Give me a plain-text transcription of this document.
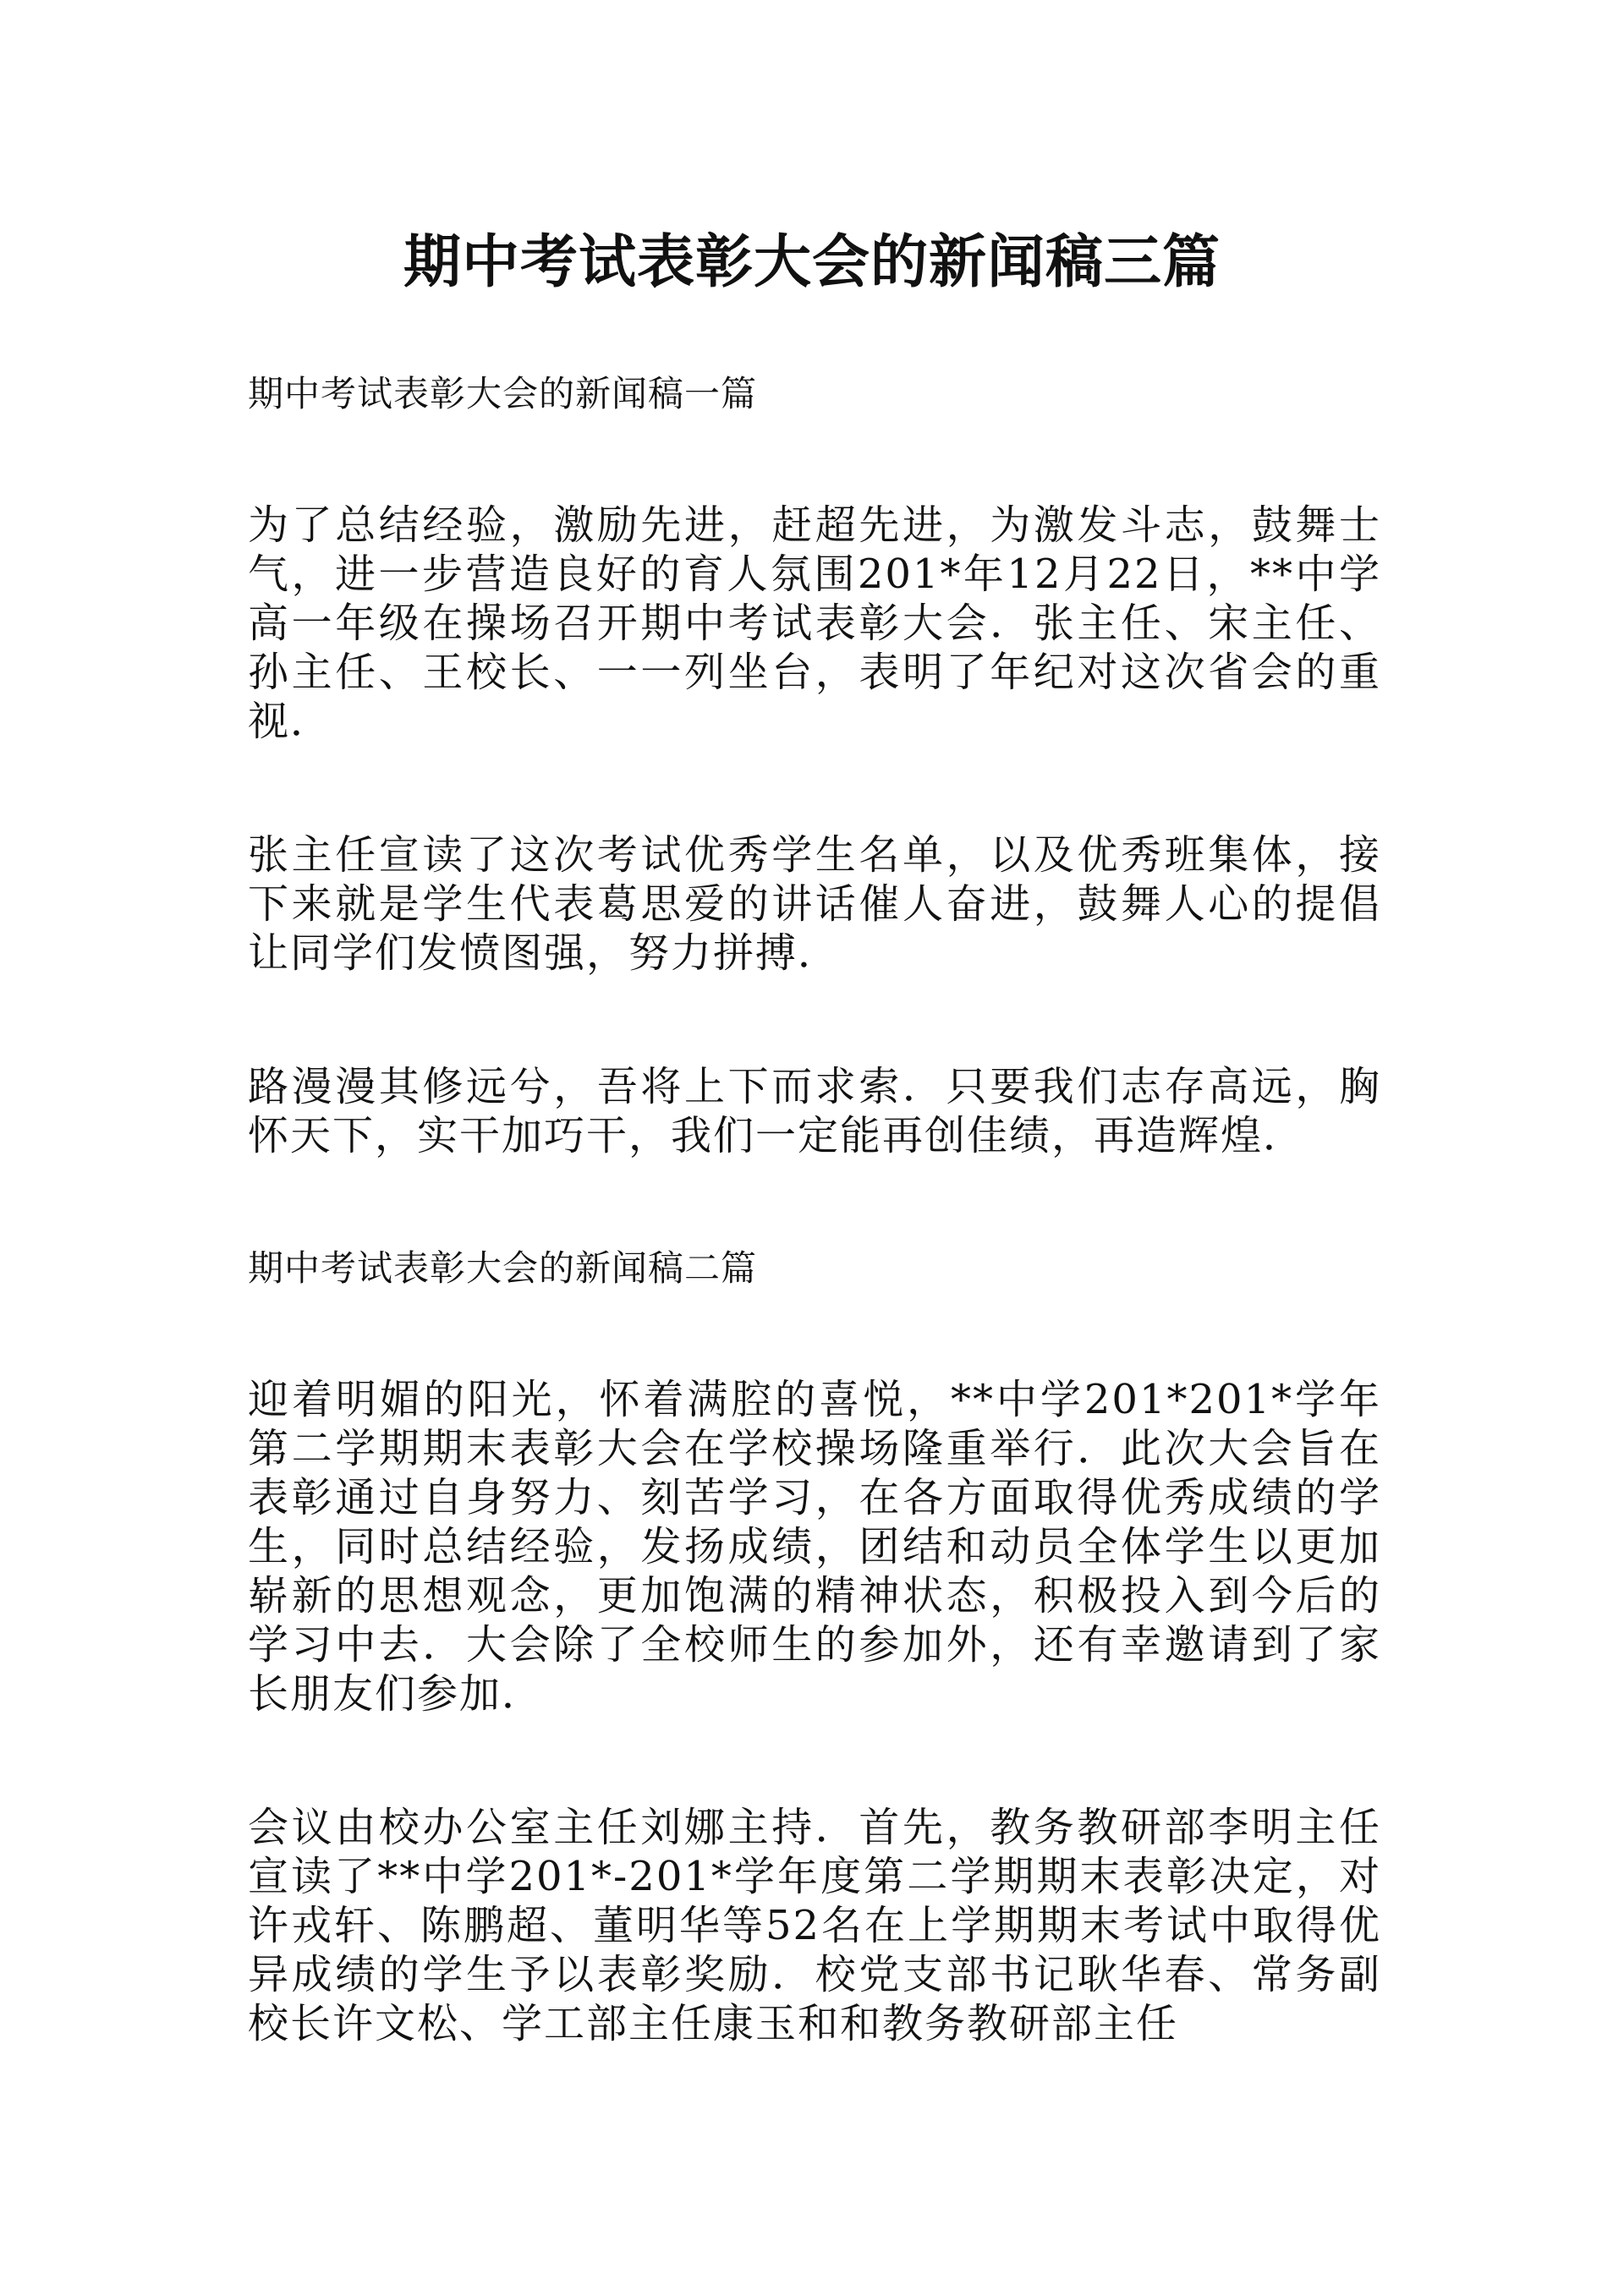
期中考试表彰大会的新闻稿三篇
期中考试表彰大会的新闻稿一篇

为了总结经验，激励先进，赶超先进，为激发斗志，鼓舞士气，进一步营造良好的育人氛围201*年12月22日，**中学高一年级在操场召开期中考试表彰大会．张主任、宋主任、孙主任、王校长、一一列坐台，表明了年纪对这次省会的重视．

张主任宣读了这次考试优秀学生名单，以及优秀班集体，接下来就是学生代表葛思爱的讲话催人奋进，鼓舞人心的提倡让同学们发愤图强，努力拼搏．

路漫漫其修远兮，吾将上下而求索．只要我们志存高远，胸怀天下，实干加巧干，我们一定能再创佳绩，再造辉煌．

期中考试表彰大会的新闻稿二篇

迎着明媚的阳光，怀着满腔的喜悦，**中学201*201*学年第二学期期末表彰大会在学校操场隆重举行．此次大会旨在表彰通过自身努力、刻苦学习，在各方面取得优秀成绩的学生，同时总结经验，发扬成绩，团结和动员全体学生以更加崭新的思想观念，更加饱满的精神状态，积极投入到今后的学习中去．大会除了全校师生的参加外，还有幸邀请到了家长朋友们参加．

会议由校办公室主任刘娜主持．首先，教务教研部李明主任宣读了**中学201*-201*学年度第二学期期末表彰决定，对许戎轩、陈鹏超、董明华等52名在上学期期末考试中取得优异成绩的学生予以表彰奖励．校党支部书记耿华春、常务副校长许文松、学工部主任康玉和和教务教研部主任
